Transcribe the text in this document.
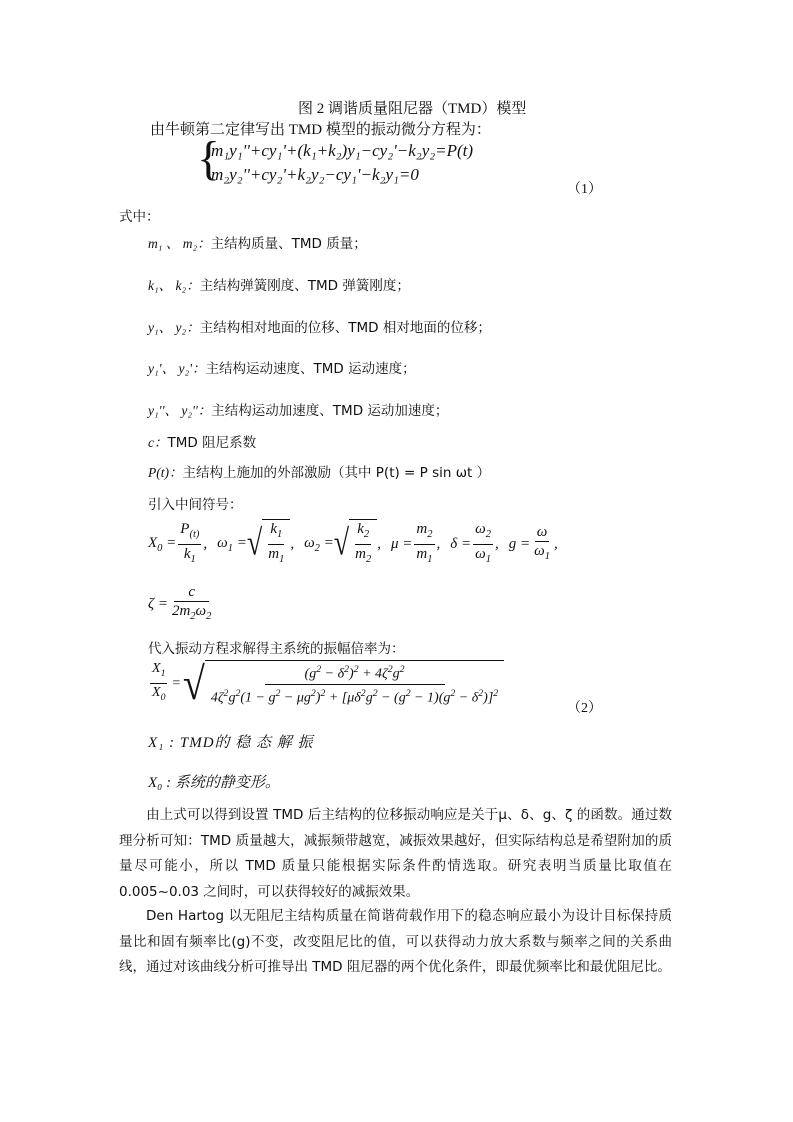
图 2 调谐质量阻尼器（TMD）模型
由牛顿第二定律写出 TMD 模型的振动微分方程为：
{
m₁y₁''+cy₁'+(k₁+k₂)y₁−cy₂'−k₂y₂=P(t)
m₂y₂''+cy₂'+k₂y₂−cy₁'−k₂y₁=0
（1）
式中：
m₁ 、 m₂：主结构质量、TMD 质量；
k₁、 k₂：主结构弹簧刚度、TMD 弹簧刚度；
y₁、 y₂：主结构相对地面的位移、TMD 相对地面的位移；
y₁'、 y₂'：主结构运动速度、TMD 运动速度；
y₁''、 y₂''：主结构运动加速度、TMD 运动加速度；
c：TMD 阻尼系数
P(t)：主结构上施加的外部激励（其中 P(t) = P sin ωt ）
引入中间符号：
$X_0 = \frac{P_{(t)}}{k_1}$ , $\omega_1$ = √ $\frac{k_1}{m_1}$ , $\omega_2$ = √ $\frac{k_2}{m_2}$ , $\mu = \frac{m_2}{m_1}$ , $\delta = \frac{\omega_2}{\omega_1}$ , $g = \frac{\omega}{\omega_1}$ ,
$\zeta = \frac{c}{2m_2\omega_2}$
代入振动方程求解得主系统的振幅倍率为：
$\frac{X_1}{X_0}$ = √ $\frac{(g^2 - \delta^2)^2 + 4\zeta^2g^2}{4\zeta^2g^2(1 - g^2 - \mu g^2)^2 + [\mu\delta^2g^2 - (g^2 - 1)(g^2 - \delta^2)]^2}$
（2）
X₁ : TMD的 稳 态 解 振
X₀ : 系统的静变形。
由上式可以得到设置 TMD 后主结构的位移振动响应是关于μ、δ、g、ζ 的函数。通过数理分析可知：TMD 质量越大，减振频带越宽，减振效果越好，但实际结构总是希望附加的质量尽可能小，所以 TMD 质量只能根据实际条件酌情选取。研究表明当质量比取值在 0.005~0.03 之间时，可以获得较好的减振效果。
Den Hartog 以无阻尼主结构质量在简谐荷载作用下的稳态响应最小为设计目标保持质量比和固有频率比(g)不变，改变阻尼比的值，可以获得动力放大系数与频率之间的关系曲线，通过对该曲线分析可推导出 TMD 阻尼器的两个优化条件，即最优频率比和最优阻尼比。
